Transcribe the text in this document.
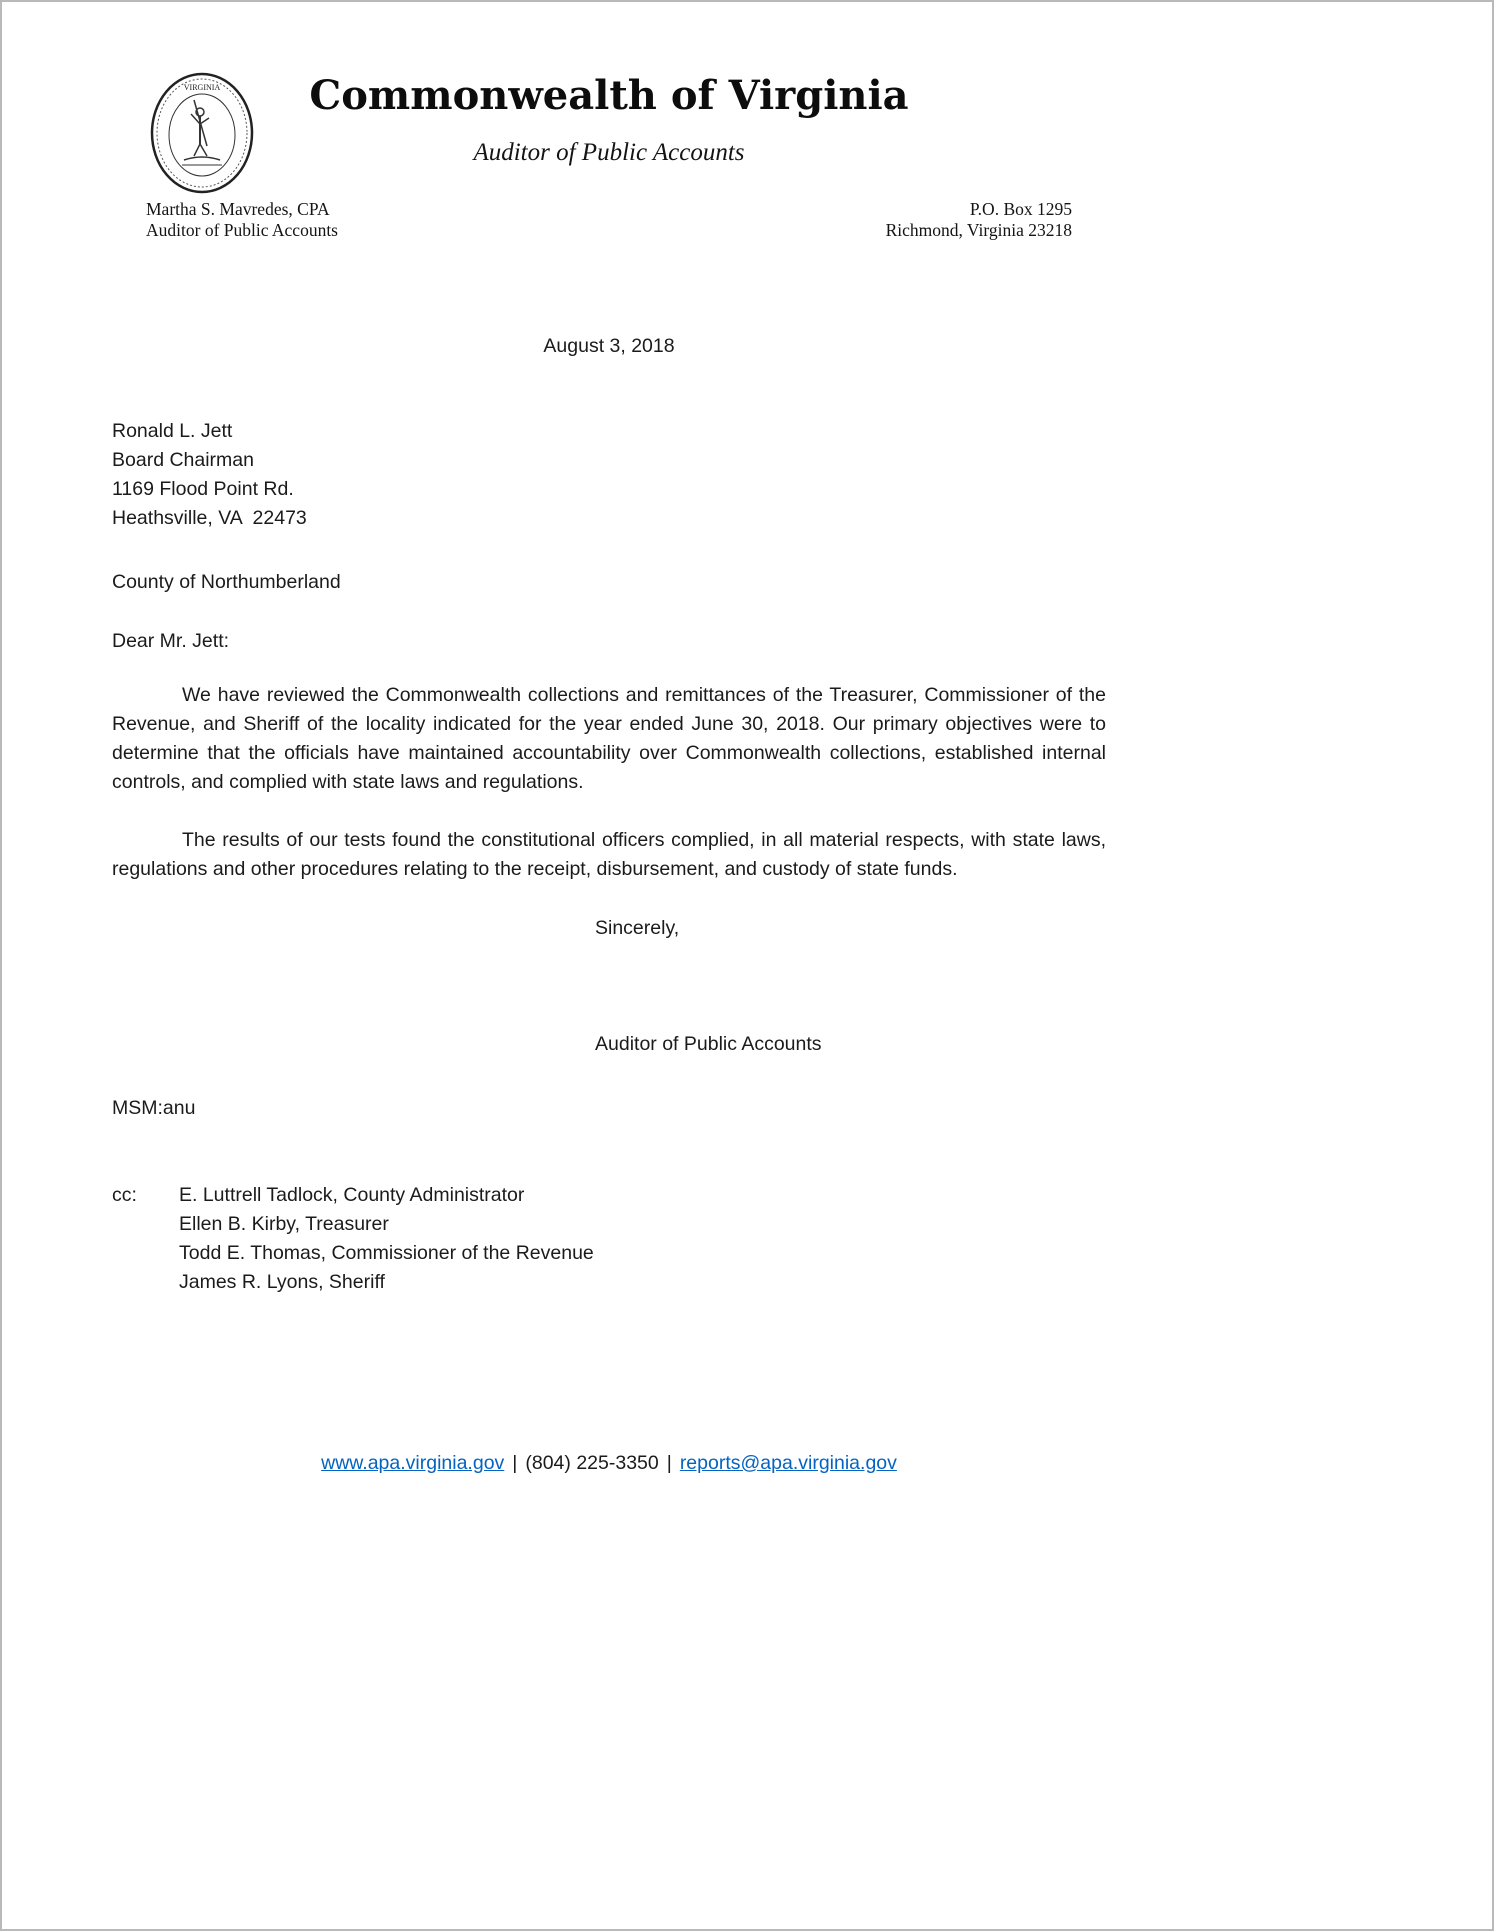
VIRGINIA	Commonwealth of Virginia
Auditor of Public Accounts
Martha S. Mavredes, CPA
Auditor of Public Accounts
P.O. Box 1295
Richmond, Virginia 23218
August 3, 2018
Ronald L. Jett
Board Chairman
1169 Flood Point Rd.
Heathsville, VA  22473
County of Northumberland
Dear Mr. Jett:

We have reviewed the Commonwealth collections and remittances of the Treasurer, Commissioner of the Revenue, and Sheriff of the locality indicated for the year ended June 30, 2018. Our primary objectives were to determine that the officials have maintained accountability over Commonwealth collections, established internal controls, and complied with state laws and regulations.

The results of our tests found the constitutional officers complied, in all material respects, with state laws, regulations and other procedures relating to the receipt, disbursement, and custody of state funds.

Sincerely,
Auditor of Public Accounts
MSM:anu
cc:	E. Luttrell Tadlock, County Administrator
Ellen B. Kirby, Treasurer
Todd E. Thomas, Commissioner of the Revenue
James R. Lyons, Sheriff
www.apa.virginia.gov | (804) 225-3350 | reports@apa.virginia.gov
